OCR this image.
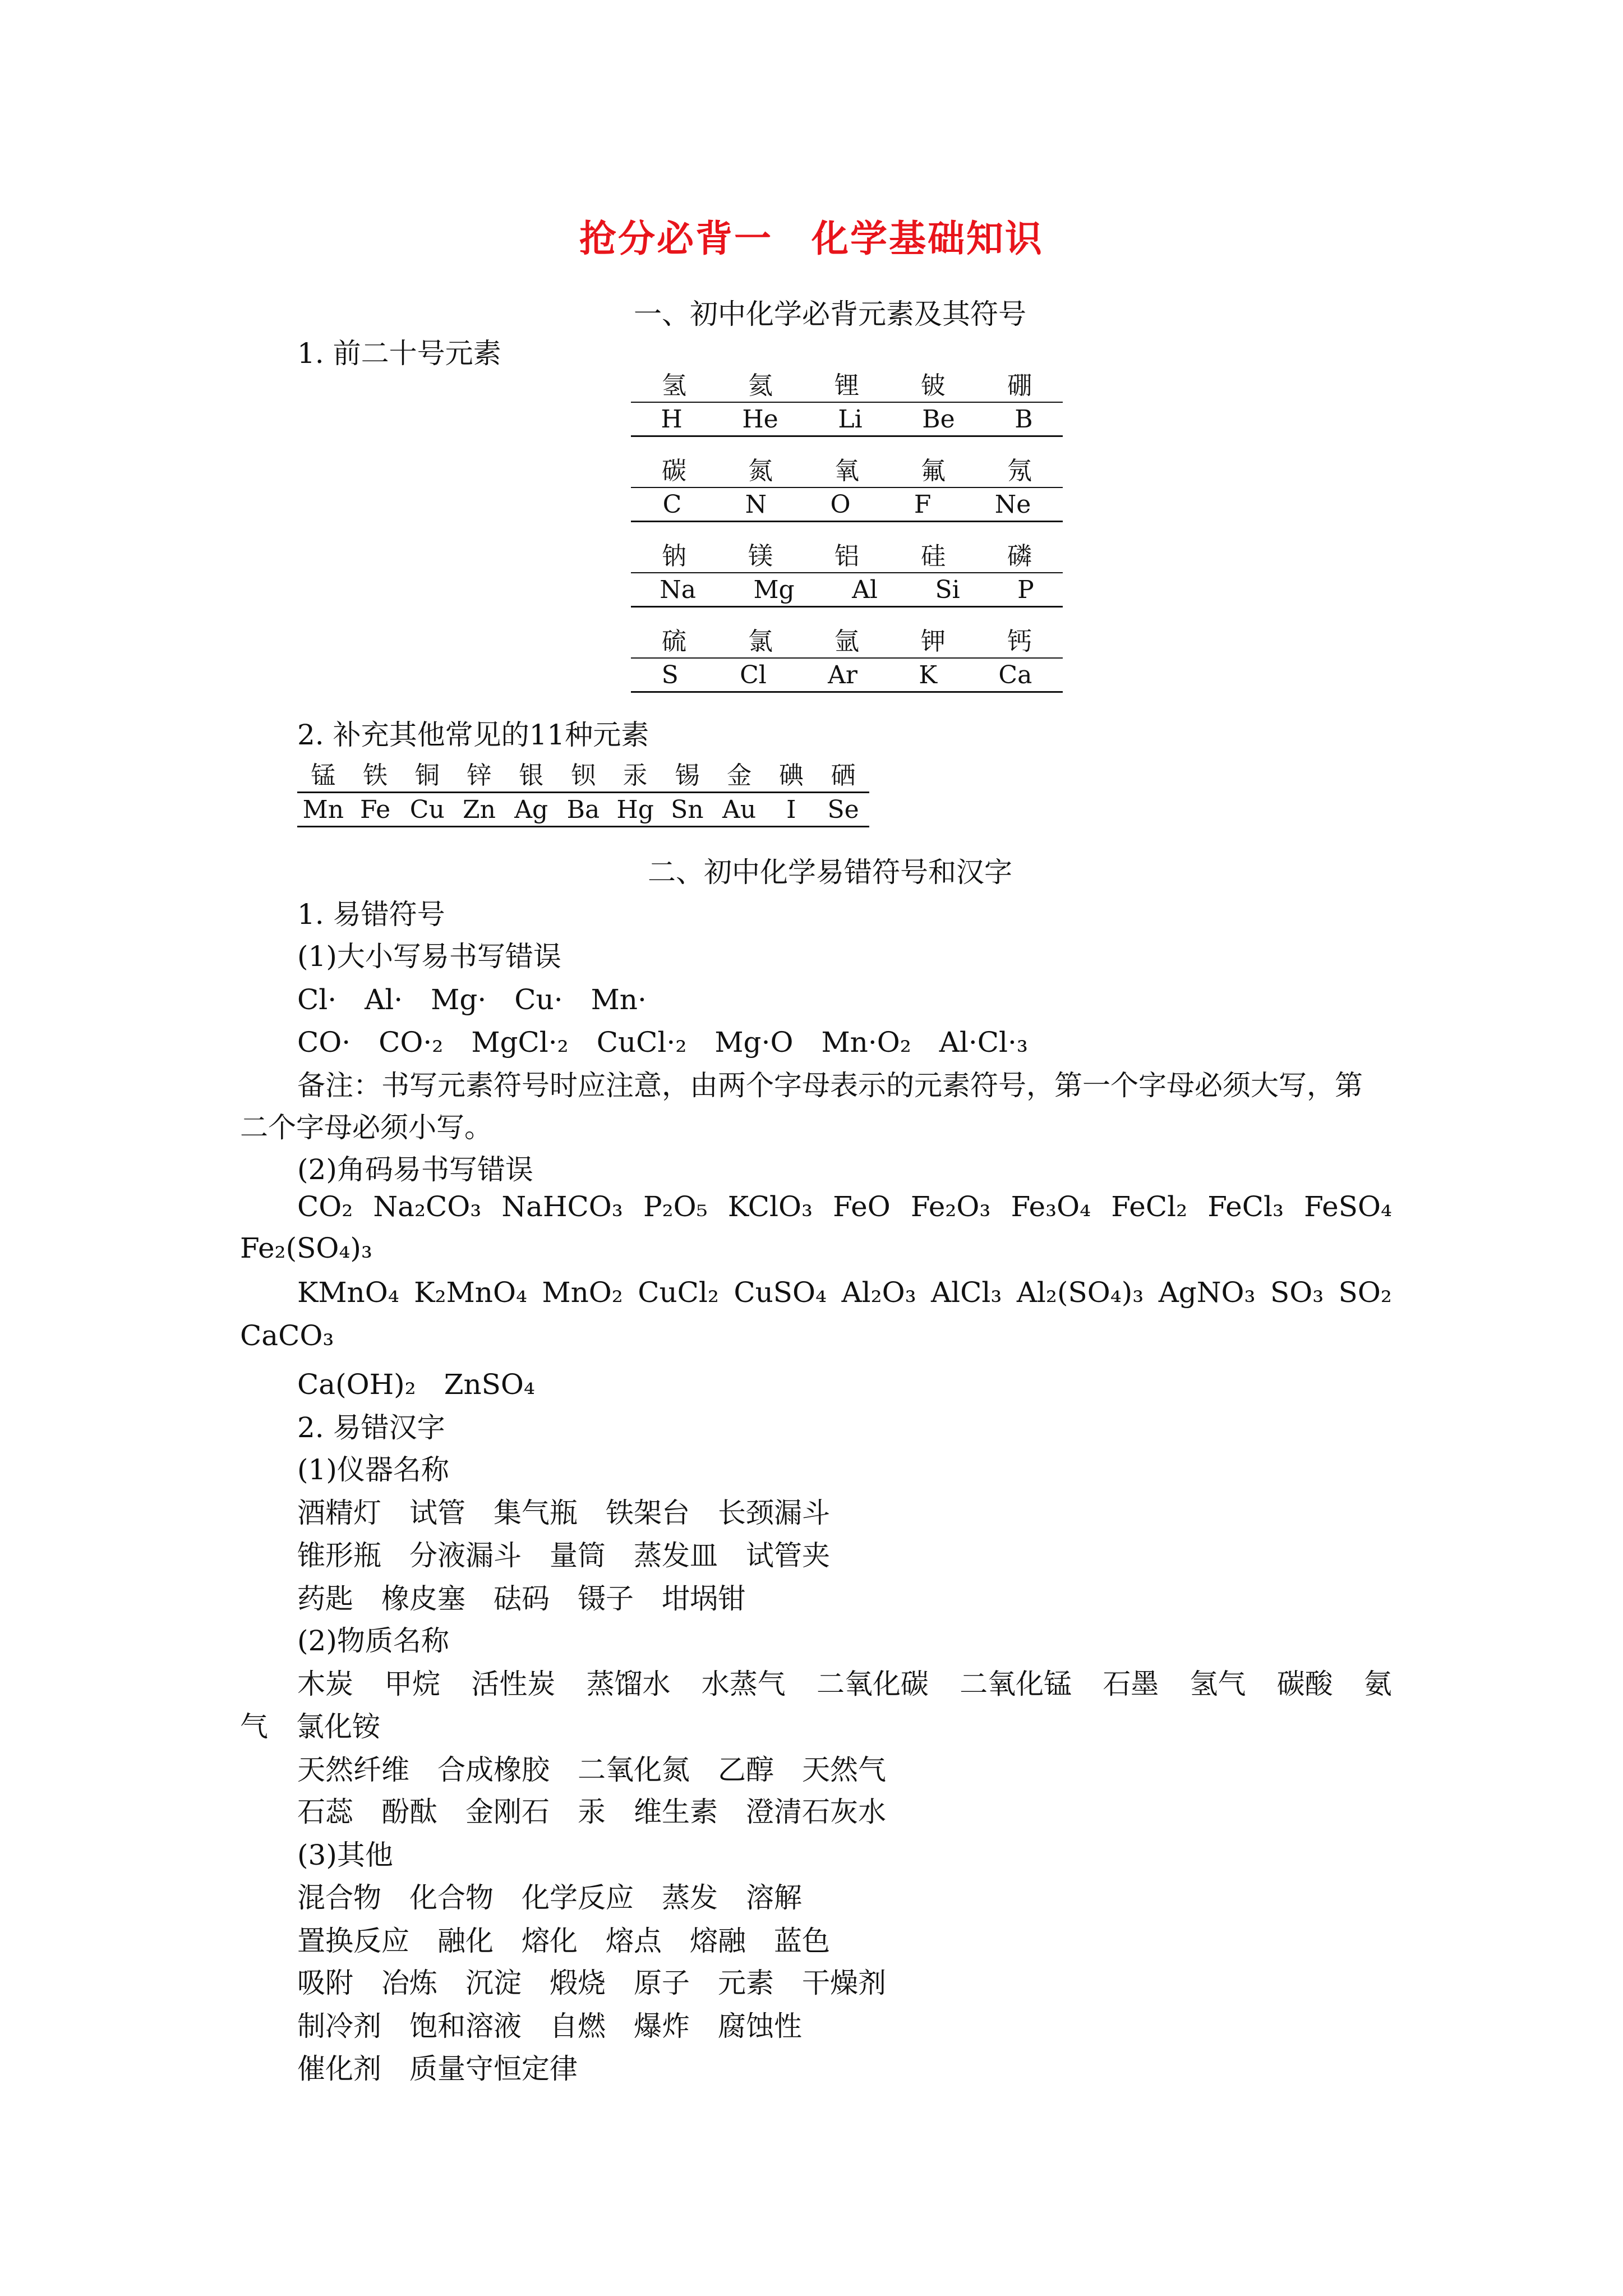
抢分必背一　化学基础知识
一、初中化学必背元素及其符号
1. 前二十号元素
氢	氦	锂	铍	硼
H He Li Be B
碳	氮	氧	氟	氖
C	N	O	F	Ne
钠	镁	铝	硅	磷
Na Mg Al Si P
硫	氯	氩	钾	钙
S Cl Ar K Ca
2. 补充其他常见的11种元素
锰	铁	铜	锌	银	钡	汞	锡	金	碘	硒
Mn Fe Cu Zn Ag Ba Hg Sn Au	I	Se
二、初中化学易错符号和汉字
1. 易错符号
(1)大小写易书写错误
Cl·　Al·　Mg·　Cu·　Mn·
CO·　CO·₂　MgCl·₂　CuCl·₂　Mg·O　Mn·O₂　Al·Cl·₃
备注：书写元素符号时应注意，由两个字母表示的元素符号，第一个字母必须大写，第
二个字母必须小写。
(2)角码易书写错误
CO₂ Na₂CO₃ NaHCO₃ P₂O₅ KClO₃ FeO Fe₂O₃ Fe₃O₄ FeCl₂ FeCl₃ FeSO₄
Fe₂(SO₄)₃
KMnO₄ K₂MnO₄ MnO₂ CuCl₂ CuSO₄ Al₂O₃ AlCl₃ Al₂(SO₄)₃ AgNO₃ SO₃ SO₂
CaCO₃
Ca(OH)₂　ZnSO₄
2. 易错汉字
(1)仪器名称
酒精灯　试管　集气瓶　铁架台　长颈漏斗
锥形瓶　分液漏斗　量筒　蒸发皿　试管夹
药匙　橡皮塞　砝码　镊子　坩埚钳
(2)物质名称
木炭 甲烷 活性炭 蒸馏水 水蒸气 二氧化碳 二氧化锰 石墨 氢气 碳酸 氨
气　氯化铵
天然纤维　合成橡胶　二氧化氮　乙醇　天然气
石蕊　酚酞　金刚石　汞　维生素　澄清石灰水
(3)其他
混合物　化合物　化学反应　蒸发　溶解
置换反应　融化　熔化　熔点　熔融　蓝色
吸附　冶炼　沉淀　煅烧　原子　元素　干燥剂
制冷剂　饱和溶液　自燃　爆炸　腐蚀性
催化剂　质量守恒定律
